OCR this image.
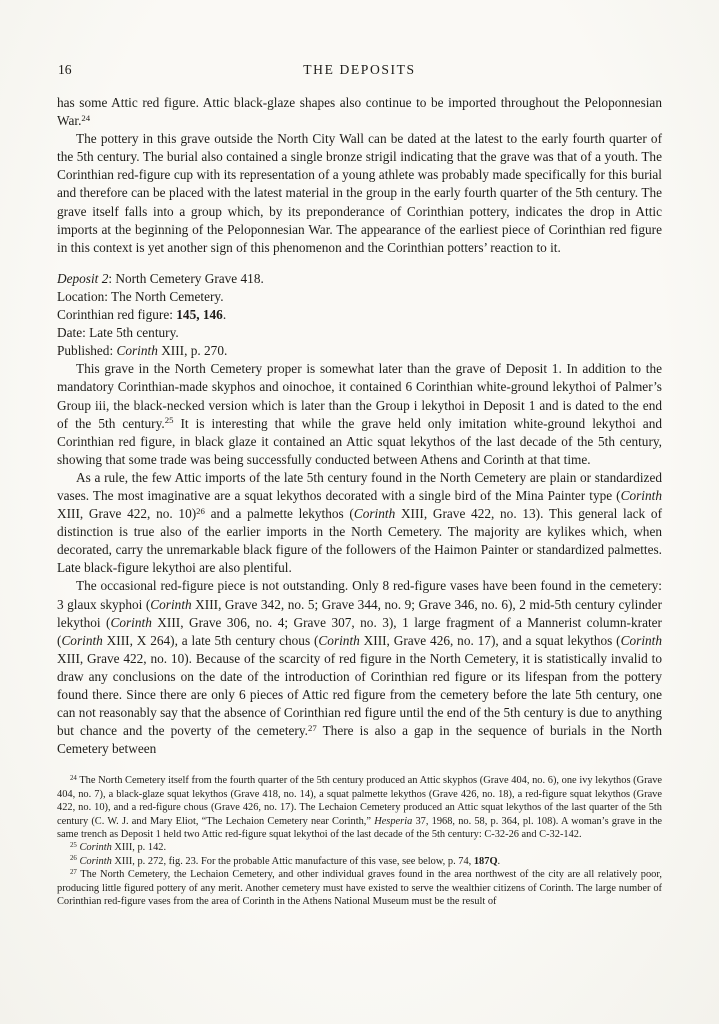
16	THE DEPOSITS

has some Attic red figure. Attic black-glaze shapes also continue to be imported throughout the Peloponnesian War.$^{24}$

The pottery in this grave outside the North City Wall can be dated at the latest to the early fourth quarter of the 5th century. The burial also contained a single bronze strigil indicating that the grave was that of a youth. The Corinthian red-figure cup with its representation of a young athlete was probably made specifically for this burial and therefore can be placed with the latest material in the group in the early fourth quarter of the 5th century. The grave itself falls into a group which, by its preponderance of Corinthian pottery, indicates the drop in Attic imports at the beginning of the Peloponnesian War. The appearance of the earliest piece of Corinthian red figure in this context is yet another sign of this phenomenon and the Corinthian potters’ reaction to it.

Deposit 2: North Cemetery Grave 418.

Location: The North Cemetery.

Corinthian red figure: 145, 146.

Date: Late 5th century.

Published: Corinth XIII, p. 270.

This grave in the North Cemetery proper is somewhat later than the grave of Deposit 1. In addition to the mandatory Corinthian-made skyphos and oinochoe, it contained 6 Corinthian white-ground lekythoi of Palmer’s Group iii, the black-necked version which is later than the Group i lekythoi in Deposit 1 and is dated to the end of the 5th century.$^{25}$ It is interesting that while the grave held only imitation white-ground lekythoi and Corinthian red figure, in black glaze it contained an Attic squat lekythos of the last decade of the 5th century, showing that some trade was being successfully conducted between Athens and Corinth at that time.

As a rule, the few Attic imports of the late 5th century found in the North Cemetery are plain or standardized vases. The most imaginative are a squat lekythos decorated with a single bird of the Mina Painter type (Corinth XIII, Grave 422, no. 10)$^{26}$ and a palmette lekythos (Corinth XIII, Grave 422, no. 13). This general lack of distinction is true also of the earlier imports in the North Cemetery. The majority are kylikes which, when decorated, carry the unremarkable black figure of the followers of the Haimon Painter or standardized palmettes. Late black-figure lekythoi are also plentiful.

The occasional red-figure piece is not outstanding. Only 8 red-figure vases have been found in the cemetery: 3 glaux skyphoi (Corinth XIII, Grave 342, no. 5; Grave 344, no. 9; Grave 346, no. 6), 2 mid-5th century cylinder lekythoi (Corinth XIII, Grave 306, no. 4; Grave 307, no. 3), 1 large fragment of a Mannerist column-krater (Corinth XIII, X 264), a late 5th century chous (Corinth XIII, Grave 426, no. 17), and a squat lekythos (Corinth XIII, Grave 422, no. 10). Because of the scarcity of red figure in the North Cemetery, it is statistically invalid to draw any conclusions on the date of the introduction of Corinthian red figure or its lifespan from the pottery found there. Since there are only 6 pieces of Attic red figure from the cemetery before the late 5th century, one can not reasonably say that the absence of Corinthian red figure until the end of the 5th century is due to anything but chance and the poverty of the cemetery.$^{27}$ There is also a gap in the sequence of burials in the North Cemetery between

$^{24}$ The North Cemetery itself from the fourth quarter of the 5th century produced an Attic skyphos (Grave 404, no. 6), one ivy lekythos (Grave 404, no. 7), a black-glaze squat lekythos (Grave 418, no. 14), a squat palmette lekythos (Grave 426, no. 18), a red-figure squat lekythos (Grave 422, no. 10), and a red-figure chous (Grave 426, no. 17). The Lechaion Cemetery produced an Attic squat lekythos of the last quarter of the 5th century (C. W. J. and Mary Eliot, “The Lechaion Cemetery near Corinth,” Hesperia 37, 1968, no. 58, p. 364, pl. 108). A woman’s grave in the same trench as Deposit 1 held two Attic red-figure squat lekythoi of the last decade of the 5th century: C-32-26 and C-32-142.

$^{25}$ Corinth XIII, p. 142.

$^{26}$ Corinth XIII, p. 272, fig. 23. For the probable Attic manufacture of this vase, see below, p. 74, 187Q.

$^{27}$ The North Cemetery, the Lechaion Cemetery, and other individual graves found in the area northwest of the city are all relatively poor, producing little figured pottery of any merit. Another cemetery must have existed to serve the wealthier citizens of Corinth. The large number of Corinthian red-figure vases from the area of Corinth in the Athens National Museum must be the result of
